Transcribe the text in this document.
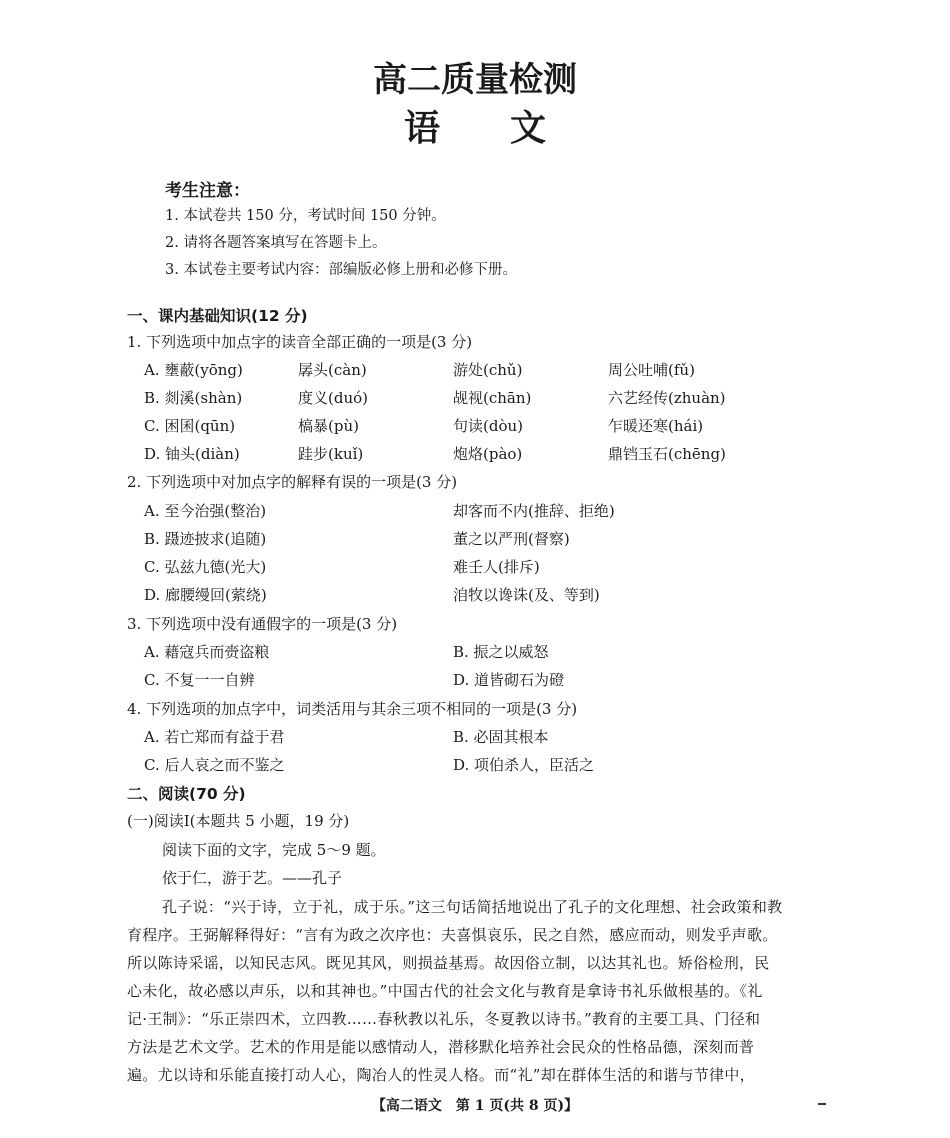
高二质量检测
语文
考生注意：
1. 本试卷共 150 分，考试时间 150 分钟。
2. 请将各题答案填写在答题卡上。
3. 本试卷主要考试内容：部编版必修上册和必修下册。
一、课内基础知识(12 分)
1. 下列选项中加点字的读音全部正确的一项是(3 分)
A. 壅蔽(yōng)	孱头(càn)	游处(chǔ)	周公吐哺(fǔ)
B. 剡溪(shàn)	度义(duó)	觇视(chān)	六艺经传(zhuàn)
C. 困囷(qūn)	槁暴(pù)	句读(dòu)	乍暖还寒(hái)
D. 铀头(diàn)	跬步(kuǐ)	炮烙(pào)	鼎铛玉石(chēng)
2. 下列选项中对加点字的解释有误的一项是(3 分)
A. 至今治强(整治)	却客而不内(推辞、拒绝)
B. 蹑迹披求(追随)	董之以严刑(督察)
C. 弘兹九德(光大)	难壬人(排斥)
D. 廊腰缦回(萦绕)	洎牧以谗诛(及、等到)
3. 下列选项中没有通假字的一项是(3 分)
A. 藉寇兵而赍盗粮	B. 振之以威怒
C. 不复一一自辨	D. 道皆砌石为磴
4. 下列选项的加点字中，词类活用与其余三项不相同的一项是(3 分)
A. 若亡郑而有益于君	B. 必固其根本
C. 后人哀之而不鉴之	D. 项伯杀人，臣活之
二、阅读(70 分)
(一)阅读Ⅰ(本题共 5 小题，19 分)
阅读下面的文字，完成 5～9 题。
依于仁，游于艺。——孔子
孔子说：“兴于诗，立于礼，成于乐。”这三句话简括地说出了孔子的文化理想、社会政策和教
育程序。王弼解释得好：“言有为政之次序也：夫喜惧哀乐，民之自然，感应而动，则发乎声歌。
所以陈诗采谣，以知民志风。既见其风，则损益基焉。故因俗立制，以达其礼也。矫俗检刑，民
心未化，故必感以声乐，以和其神也。”中国古代的社会文化与教育是拿诗书礼乐做根基的。《礼
记·王制》：“乐正崇四术，立四教……春秋教以礼乐，冬夏教以诗书。”教育的主要工具、门径和
方法是艺术文学。艺术的作用是能以感情动人，潜移默化培养社会民众的性格品德，深刻而普
遍。尤以诗和乐能直接打动人心，陶冶人的性灵人格。而“礼”却在群体生活的和谐与节律中，
【高二语文　第 1 页(共 8 页)】
